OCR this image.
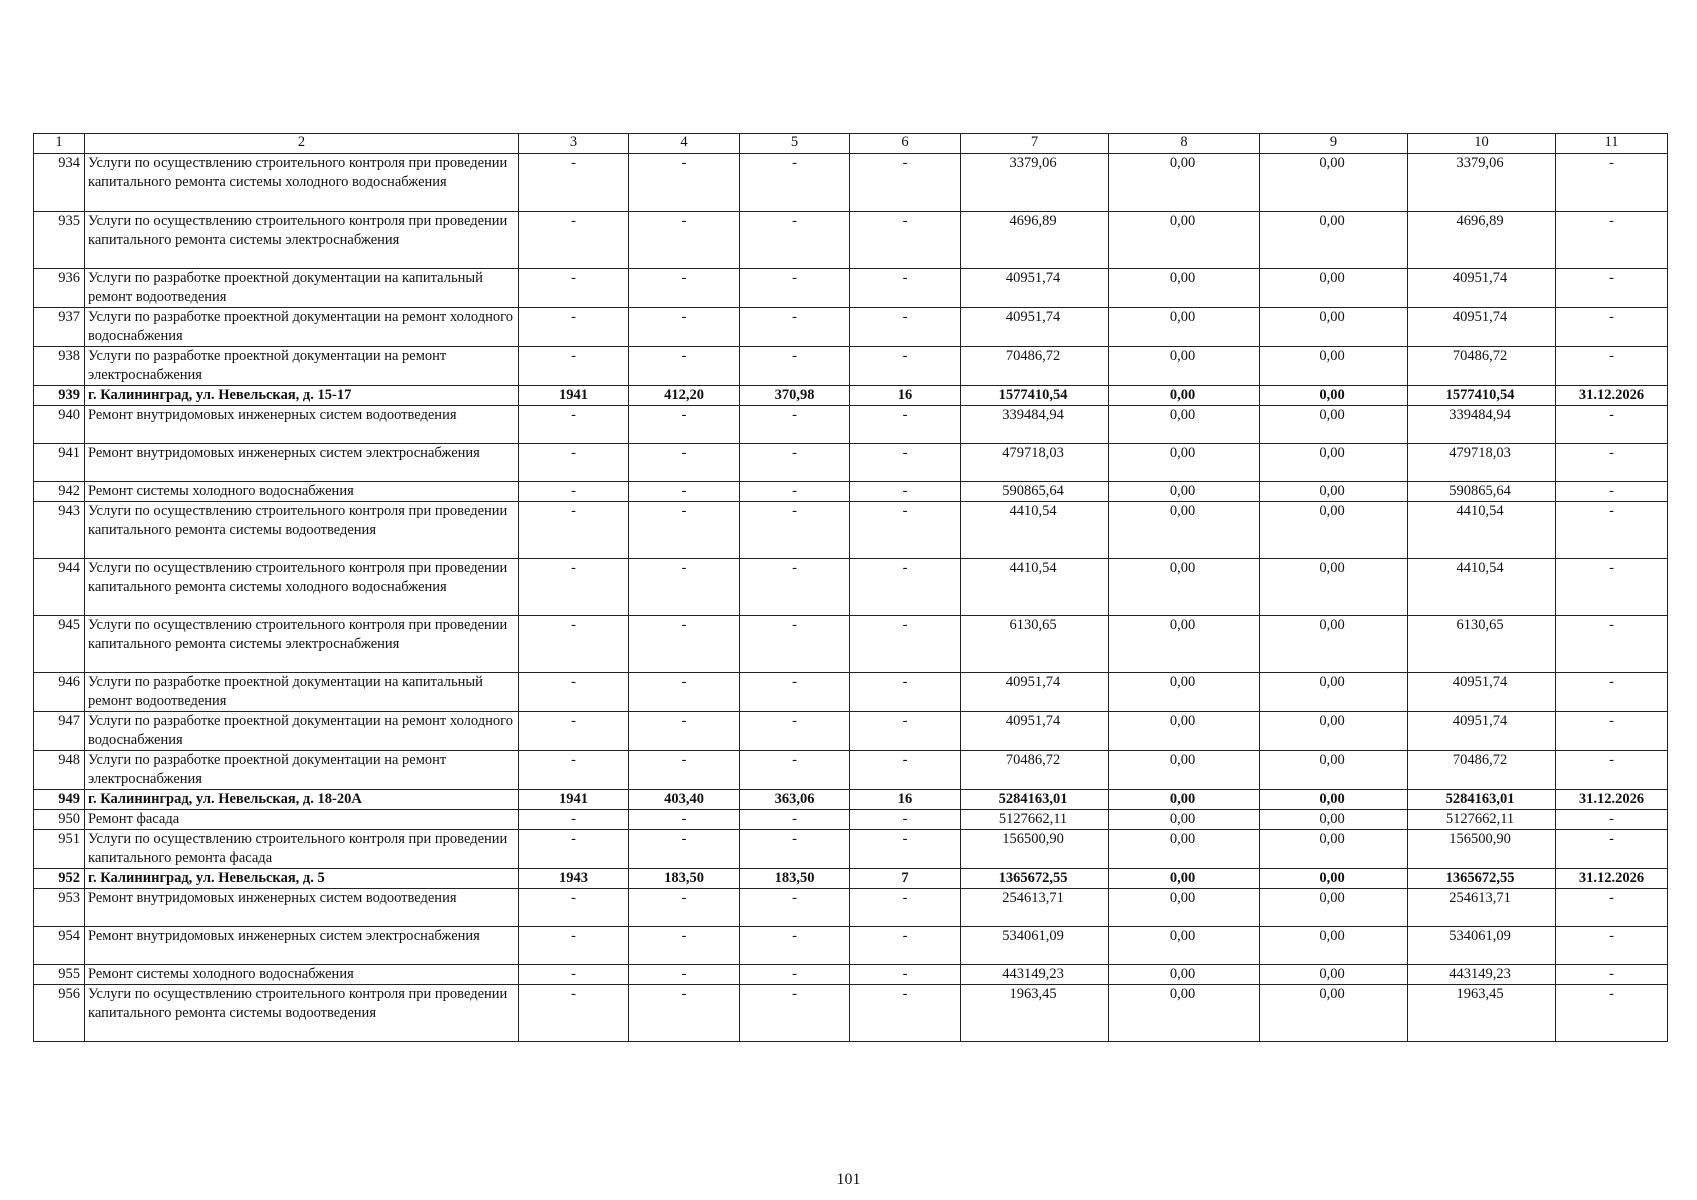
1	2	3	4	5	6	7	8	9	10	11
934	Услуги по осуществлению строительного контроля при проведении капитального ремонта системы холодного водоснабжения	-	-	-	-	3379,06	0,00	0,00	3379,06	-
935	Услуги по осуществлению строительного контроля при проведении капитального ремонта системы электроснабжения	-	-	-	-	4696,89	0,00	0,00	4696,89	-
936	Услуги по разработке проектной документации на капитальный ремонт водоотведения	-	-	-	-	40951,74	0,00	0,00	40951,74	-
937	Услуги по разработке проектной документации на ремонт холодного водоснабжения	-	-	-	-	40951,74	0,00	0,00	40951,74	-
938	Услуги по разработке проектной документации на ремонт электроснабжения	-	-	-	-	70486,72	0,00	0,00	70486,72	-
939	г. Калининград, ул. Невельская, д. 15-17	1941	412,20	370,98	16	1577410,54	0,00	0,00	1577410,54	31.12.2026
940	Ремонт внутридомовых инженерных систем водоотведения	-	-	-	-	339484,94	0,00	0,00	339484,94	-
941	Ремонт внутридомовых инженерных систем электроснабжения	-	-	-	-	479718,03	0,00	0,00	479718,03	-
942	Ремонт системы холодного водоснабжения	-	-	-	-	590865,64	0,00	0,00	590865,64	-
943	Услуги по осуществлению строительного контроля при проведении капитального ремонта системы водоотведения	-	-	-	-	4410,54	0,00	0,00	4410,54	-
944	Услуги по осуществлению строительного контроля при проведении капитального ремонта системы холодного водоснабжения	-	-	-	-	4410,54	0,00	0,00	4410,54	-
945	Услуги по осуществлению строительного контроля при проведении капитального ремонта системы электроснабжения	-	-	-	-	6130,65	0,00	0,00	6130,65	-
946	Услуги по разработке проектной документации на капитальный ремонт водоотведения	-	-	-	-	40951,74	0,00	0,00	40951,74	-
947	Услуги по разработке проектной документации на ремонт холодного водоснабжения	-	-	-	-	40951,74	0,00	0,00	40951,74	-
948	Услуги по разработке проектной документации на ремонт электроснабжения	-	-	-	-	70486,72	0,00	0,00	70486,72	-
949	г. Калининград, ул. Невельская, д. 18-20А	1941	403,40	363,06	16	5284163,01	0,00	0,00	5284163,01	31.12.2026
950	Ремонт фасада	-	-	-	-	5127662,11	0,00	0,00	5127662,11	-
951	Услуги по осуществлению строительного контроля при проведении капитального ремонта фасада	-	-	-	-	156500,90	0,00	0,00	156500,90	-
952	г. Калининград, ул. Невельская, д. 5	1943	183,50	183,50	7	1365672,55	0,00	0,00	1365672,55	31.12.2026
953	Ремонт внутридомовых инженерных систем водоотведения	-	-	-	-	254613,71	0,00	0,00	254613,71	-
954	Ремонт внутридомовых инженерных систем электроснабжения	-	-	-	-	534061,09	0,00	0,00	534061,09	-
955	Ремонт системы холодного водоснабжения	-	-	-	-	443149,23	0,00	0,00	443149,23	-
956	Услуги по осуществлению строительного контроля при проведении капитального ремонта системы водоотведения	-	-	-	-	1963,45	0,00	0,00	1963,45	-
101
